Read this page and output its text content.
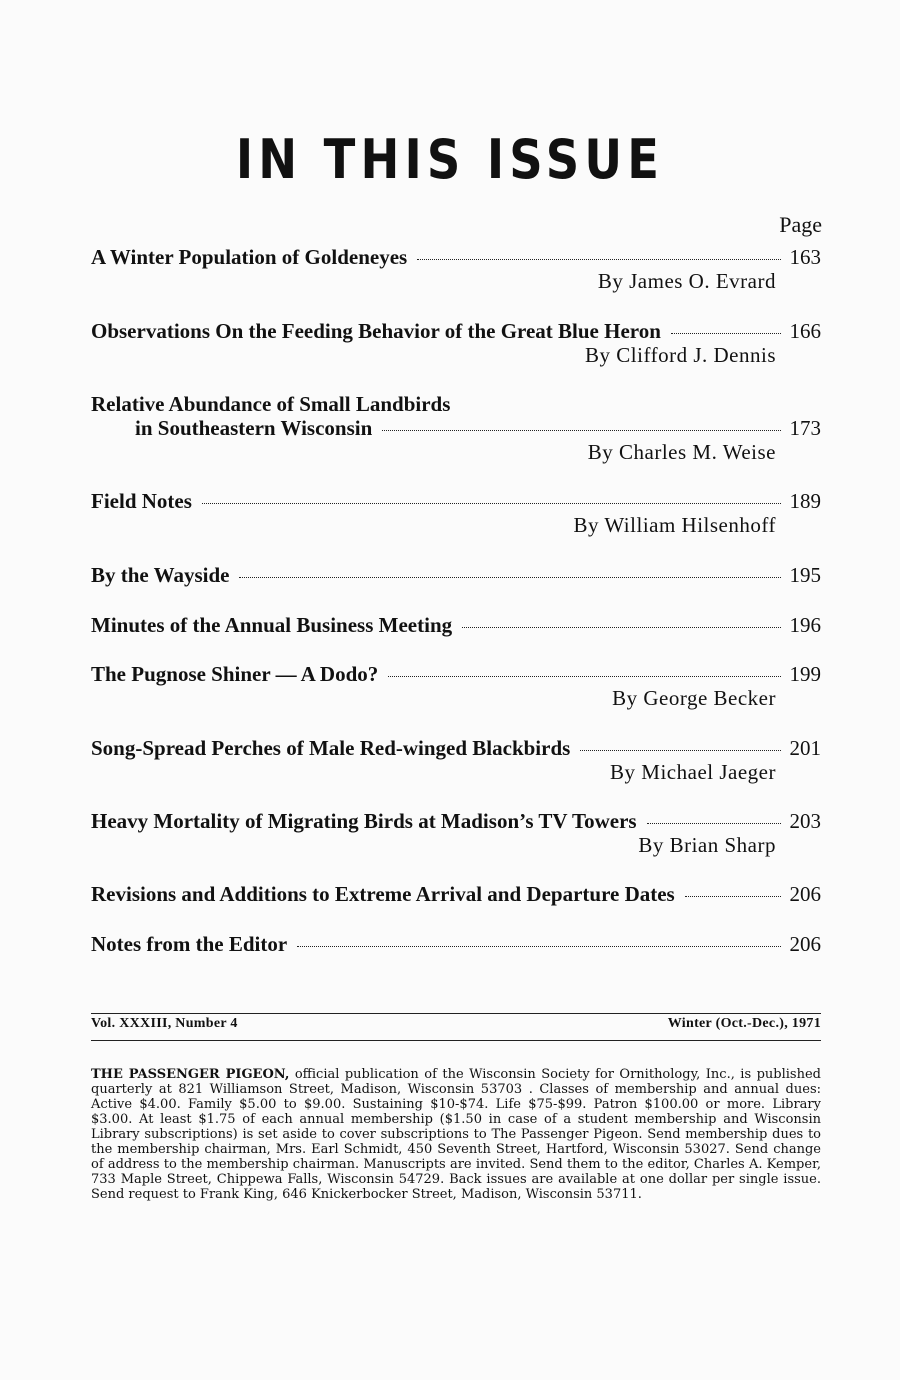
IN THIS ISSUE
Page
A Winter Population of Goldeneyes	163
By James O. Evrard
Observations On the Feeding Behavior of the Great Blue Heron	166
By Clifford J. Dennis
Relative Abundance of Small Landbirds
in Southeastern Wisconsin	173
By Charles M. Weise
Field Notes	189
By William Hilsenhoff
By the Wayside	195
Minutes of the Annual Business Meeting	196
The Pugnose Shiner — A Dodo?	199
By George Becker
Song-Spread Perches of Male Red-winged Blackbirds	201
By Michael Jaeger
Heavy Mortality of Migrating Birds at Madison’s TV Towers	203
By Brian Sharp
Revisions and Additions to Extreme Arrival and Departure Dates	206
Notes from the Editor	206
Vol. XXXIII, Number 4	Winter (Oct.-Dec.), 1971
THE PASSENGER PIGEON, official publication of the Wisconsin Society for Ornithology, Inc., is published quarterly at 821 Williamson Street, Madison, Wisconsin 53703 . Classes of membership and annual dues: Active $4.00. Family $5.00 to $9.00. Sustaining $10-$74. Life $75-$99. Patron $100.00 or more. Library $3.00. At least $1.75 of each annual membership ($1.50 in case of a student membership and Wisconsin Library subscriptions) is set aside to cover subscriptions to The Passenger Pigeon. Send membership dues to the membership chairman, Mrs. Earl Schmidt, 450 Seventh Street, Hartford, Wisconsin 53027. Send change of address to the membership chairman. Manuscripts are invited. Send them to the editor, Charles A. Kemper, 733 Maple Street, Chippewa Falls, Wisconsin 54729. Back issues are available at one dollar per single issue. Send request to Frank King, 646 Knickerbocker Street, Madison, Wisconsin 53711.
